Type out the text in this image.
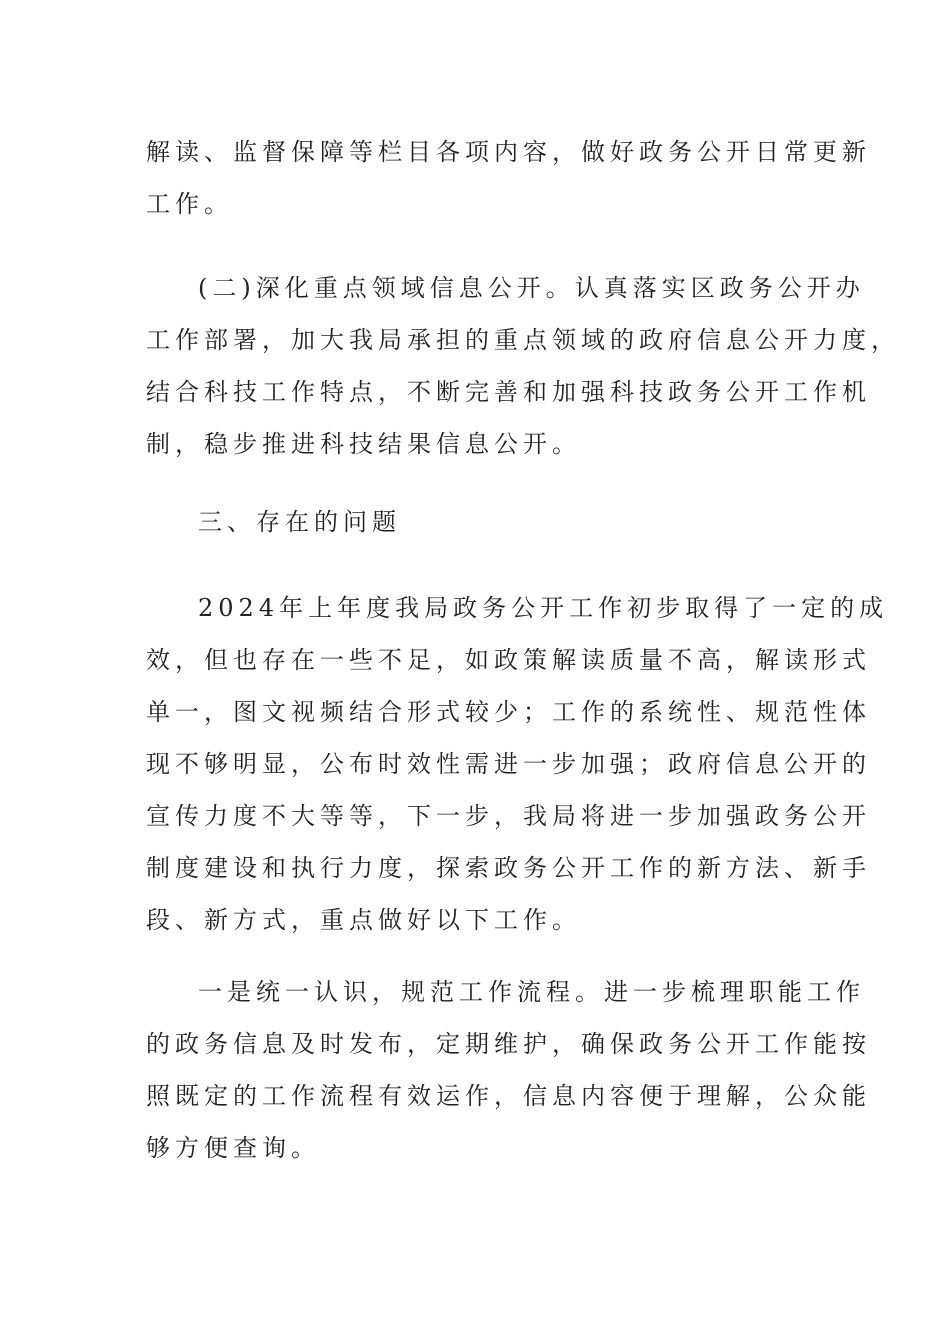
解读、监督保障等栏目各项内容，做好政务公开日常更新
工作。
(二)深化重点领域信息公开。认真落实区政务公开办
工作部署，加大我局承担的重点领域的政府信息公开力度，
结合科技工作特点，不断完善和加强科技政务公开工作机
制，稳步推进科技结果信息公开。
三、存在的问题
2024年上年度我局政务公开工作初步取得了一定的成
效，但也存在一些不足，如政策解读质量不高，解读形式
单一，图文视频结合形式较少；工作的系统性、规范性体
现不够明显，公布时效性需进一步加强；政府信息公开的
宣传力度不大等等，下一步，我局将进一步加强政务公开
制度建设和执行力度，探索政务公开工作的新方法、新手
段、新方式，重点做好以下工作。
一是统一认识，规范工作流程。进一步梳理职能工作
的政务信息及时发布，定期维护，确保政务公开工作能按
照既定的工作流程有效运作，信息内容便于理解，公众能
够方便查询。
